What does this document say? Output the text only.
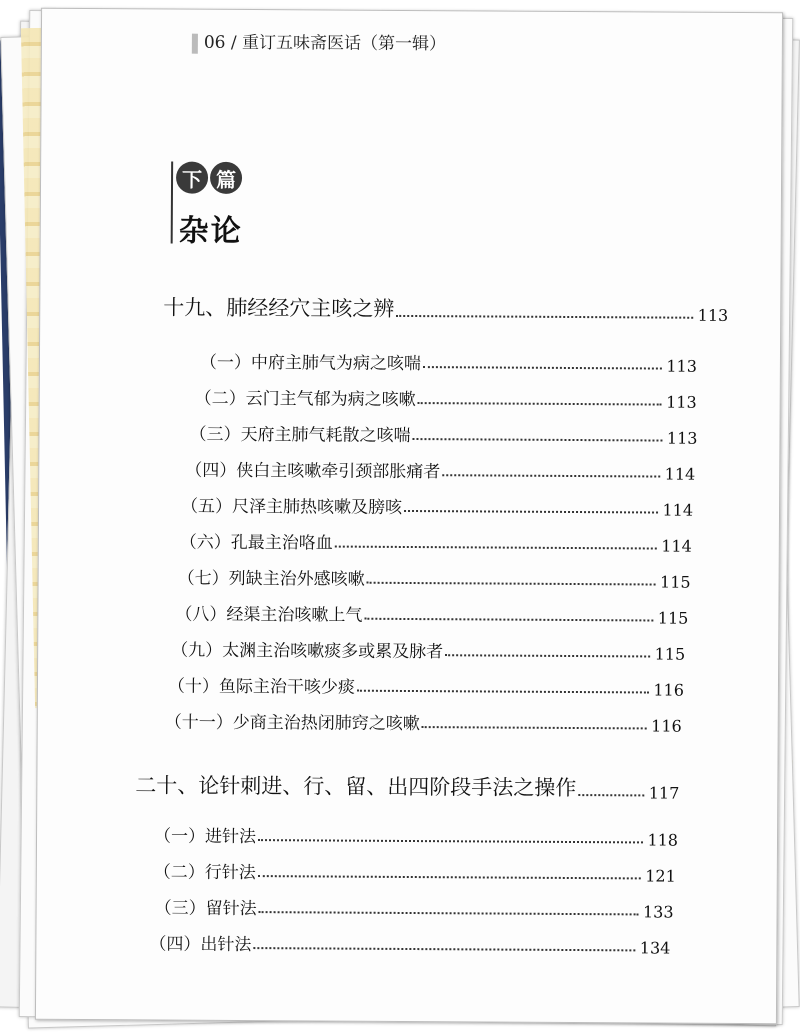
06 / 重订五味斋医话（第一辑）
下 篇
杂论
十九、肺经经穴主咳之辨	113
（一）中府主肺气为病之咳喘	113
（二）云门主气郁为病之咳嗽	113
（三）天府主肺气耗散之咳喘	113
（四）侠白主咳嗽牵引颈部胀痛者	114
（五）尺泽主肺热咳嗽及膀咳	114
（六）孔最主治咯血	114
（七）列缺主治外感咳嗽	115
（八）经渠主治咳嗽上气	115
（九）太渊主治咳嗽痰多或累及脉者	115
（十）鱼际主治干咳少痰	116
（十一）少商主治热闭肺窍之咳嗽	116
二十、论针刺进、行、留、出四阶段手法之操作	117
（一）进针法	118
（二）行针法	121
（三）留针法	133
（四）出针法	134
